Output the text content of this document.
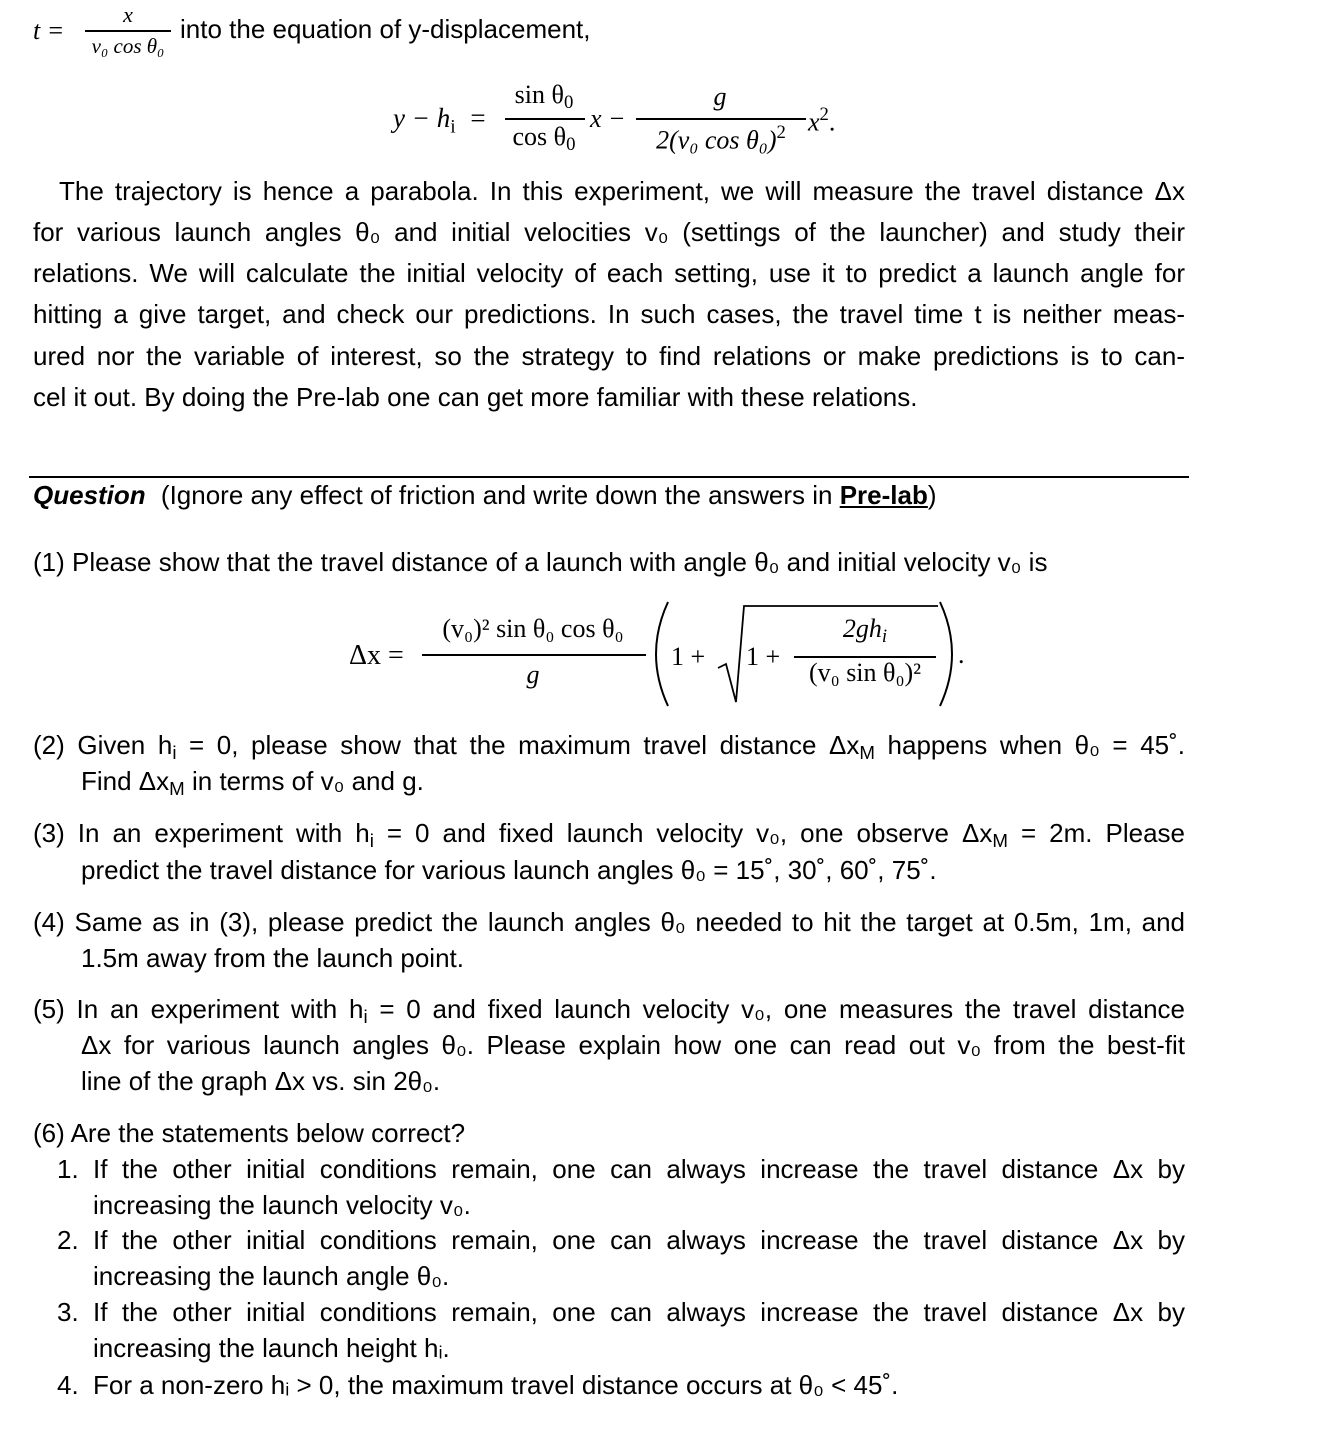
t =
x
v₀ cos θ₀
into the equation of y-displacement,
$y - h_i$ =
$\sin \theta_0$
$\cos \theta_0$
x −
g
2(v₀ cos θ₀)$^2$ $x^2$.
The trajectory is hence a parabola. In this experiment, we will measure the travel distance Δx
for various launch angles θ₀ and initial velocities v₀ (settings of the launcher) and study their
relations. We will calculate the initial velocity of each setting, use it to predict a launch angle for
hitting a give target, and check our predictions. In such cases, the travel time t is neither meas-
ured nor the variable of interest, so the strategy to find relations or make predictions is to can-
cel it out. By doing the Pre-lab one can get more familiar with these relations.
Question (Ignore any effect of friction and write down the answers in Pre-lab)
(1) Please show that the travel distance of a launch with angle θ₀ and initial velocity v₀ is
Δx =
(v₀)² sin θ₀ cos θ₀
g
1 + 1 +
$2gh_i$
(v₀ sin θ₀)²
.
(2) Given $h_i = 0$, please show that the maximum travel distance $\Delta x_M$ happens when θ₀ = 45˚.
Find $\Delta x_M$ in terms of v₀ and g.
(3) In an experiment with $h_i = 0$ and fixed launch velocity v₀, one observe $\Delta x_M = 2m$. Please
predict the travel distance for various launch angles θ₀ = 15˚, 30˚, 60˚, 75˚.
(4) Same as in (3), please predict the launch angles θ₀ needed to hit the target at 0.5m, 1m, and
1.5m away from the launch point.
(5) In an experiment with $h_i = 0$ and fixed launch velocity v₀, one measures the travel distance
Δx for various launch angles θ₀. Please explain how one can read out v₀ from the best-fit
line of the graph Δx vs. sin 2θ₀.
(6) Are the statements below correct?
1. If the other initial conditions remain, one can always increase the travel distance Δx by
increasing the launch velocity v₀.
2. If the other initial conditions remain, one can always increase the travel distance Δx by
increasing the launch angle θ₀.
3. If the other initial conditions remain, one can always increase the travel distance Δx by
increasing the launch height hᵢ.
4. For a non-zero hᵢ > 0, the maximum travel distance occurs at θ₀ < 45˚.
